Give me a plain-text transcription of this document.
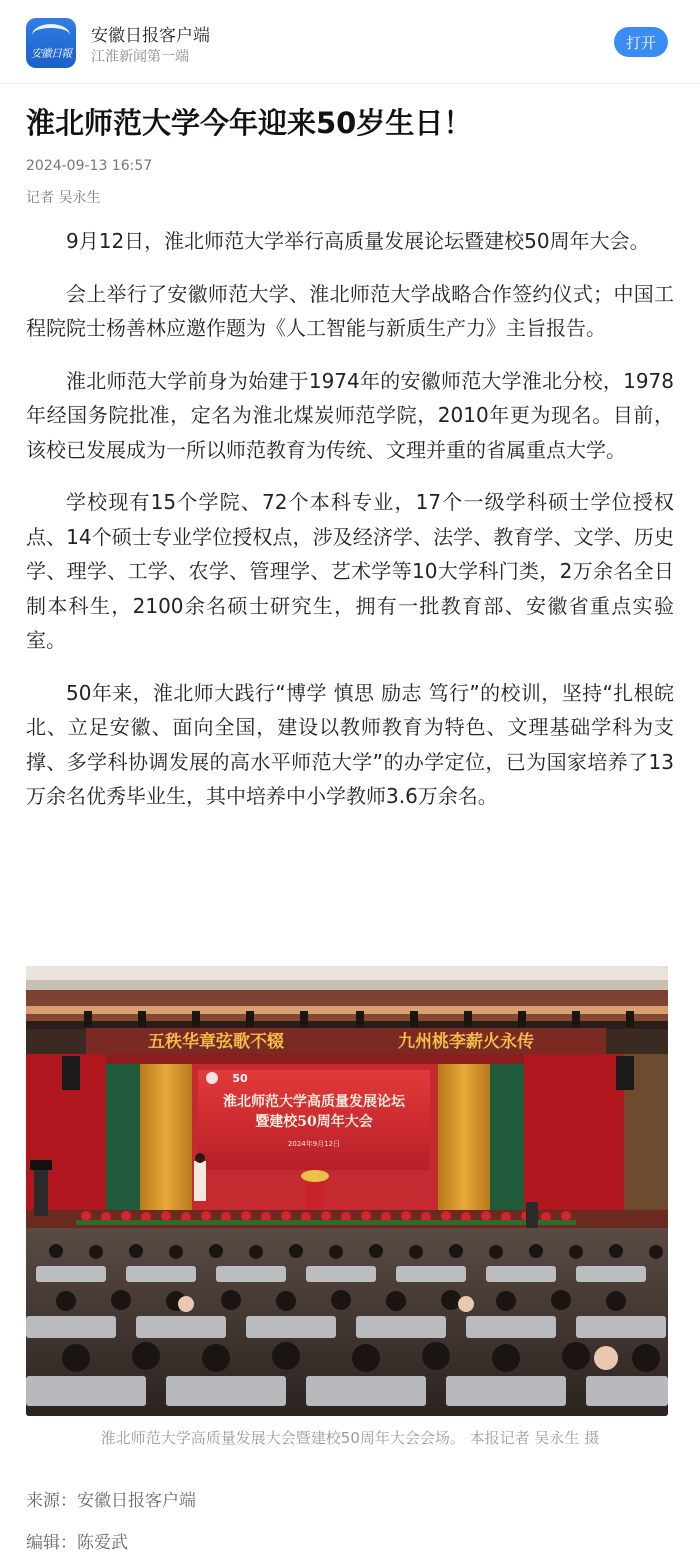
安徽日報
安徽日报客户端
江淮新闻第一端
打开
淮北师范大学今年迎来50岁生日！
2024-09-13 16:57
记者 吴永生

9月12日，淮北师范大学举行高质量发展论坛暨建校50周年大会。

会上举行了安徽师范大学、淮北师范大学战略合作签约仪式；中国工程院院士杨善林应邀作题为《人工智能与新质生产力》主旨报告。

淮北师范大学前身为始建于1974年的安徽师范大学淮北分校，1978年经国务院批准，定名为淮北煤炭师范学院，2010年更为现名。目前，该校已发展成为一所以师范教育为传统、文理并重的省属重点大学。

学校现有15个学院、72个本科专业，17个一级学科硕士学位授权点、14个硕士专业学位授权点，涉及经济学、法学、教育学、文学、历史学、理学、工学、农学、管理学、艺术学等10大学科门类，2万余名全日制本科生，2100余名硕士研究生，拥有一批教育部、安徽省重点实验室。

50年来，淮北师大践行“博学 慎思 励志 笃行”的校训，坚持“扎根皖北、立足安徽、面向全国，建设以教师教育为特色、文理基础学科为支撑、多学科协调发展的高水平师范大学”的办学定位，已为国家培养了13万余名优秀毕业生，其中培养中小学教师3.6万余名。

五秩华章弦歌不辍	九州桃李薪火永传
50
淮北师范大学高质量发展论坛
暨建校50周年大会
2024年9月12日
淮北师范大学高质量发展大会暨建校50周年大会会场。 本报记者 吴永生 摄
来源：安徽日报客户端
编辑：陈爱武
